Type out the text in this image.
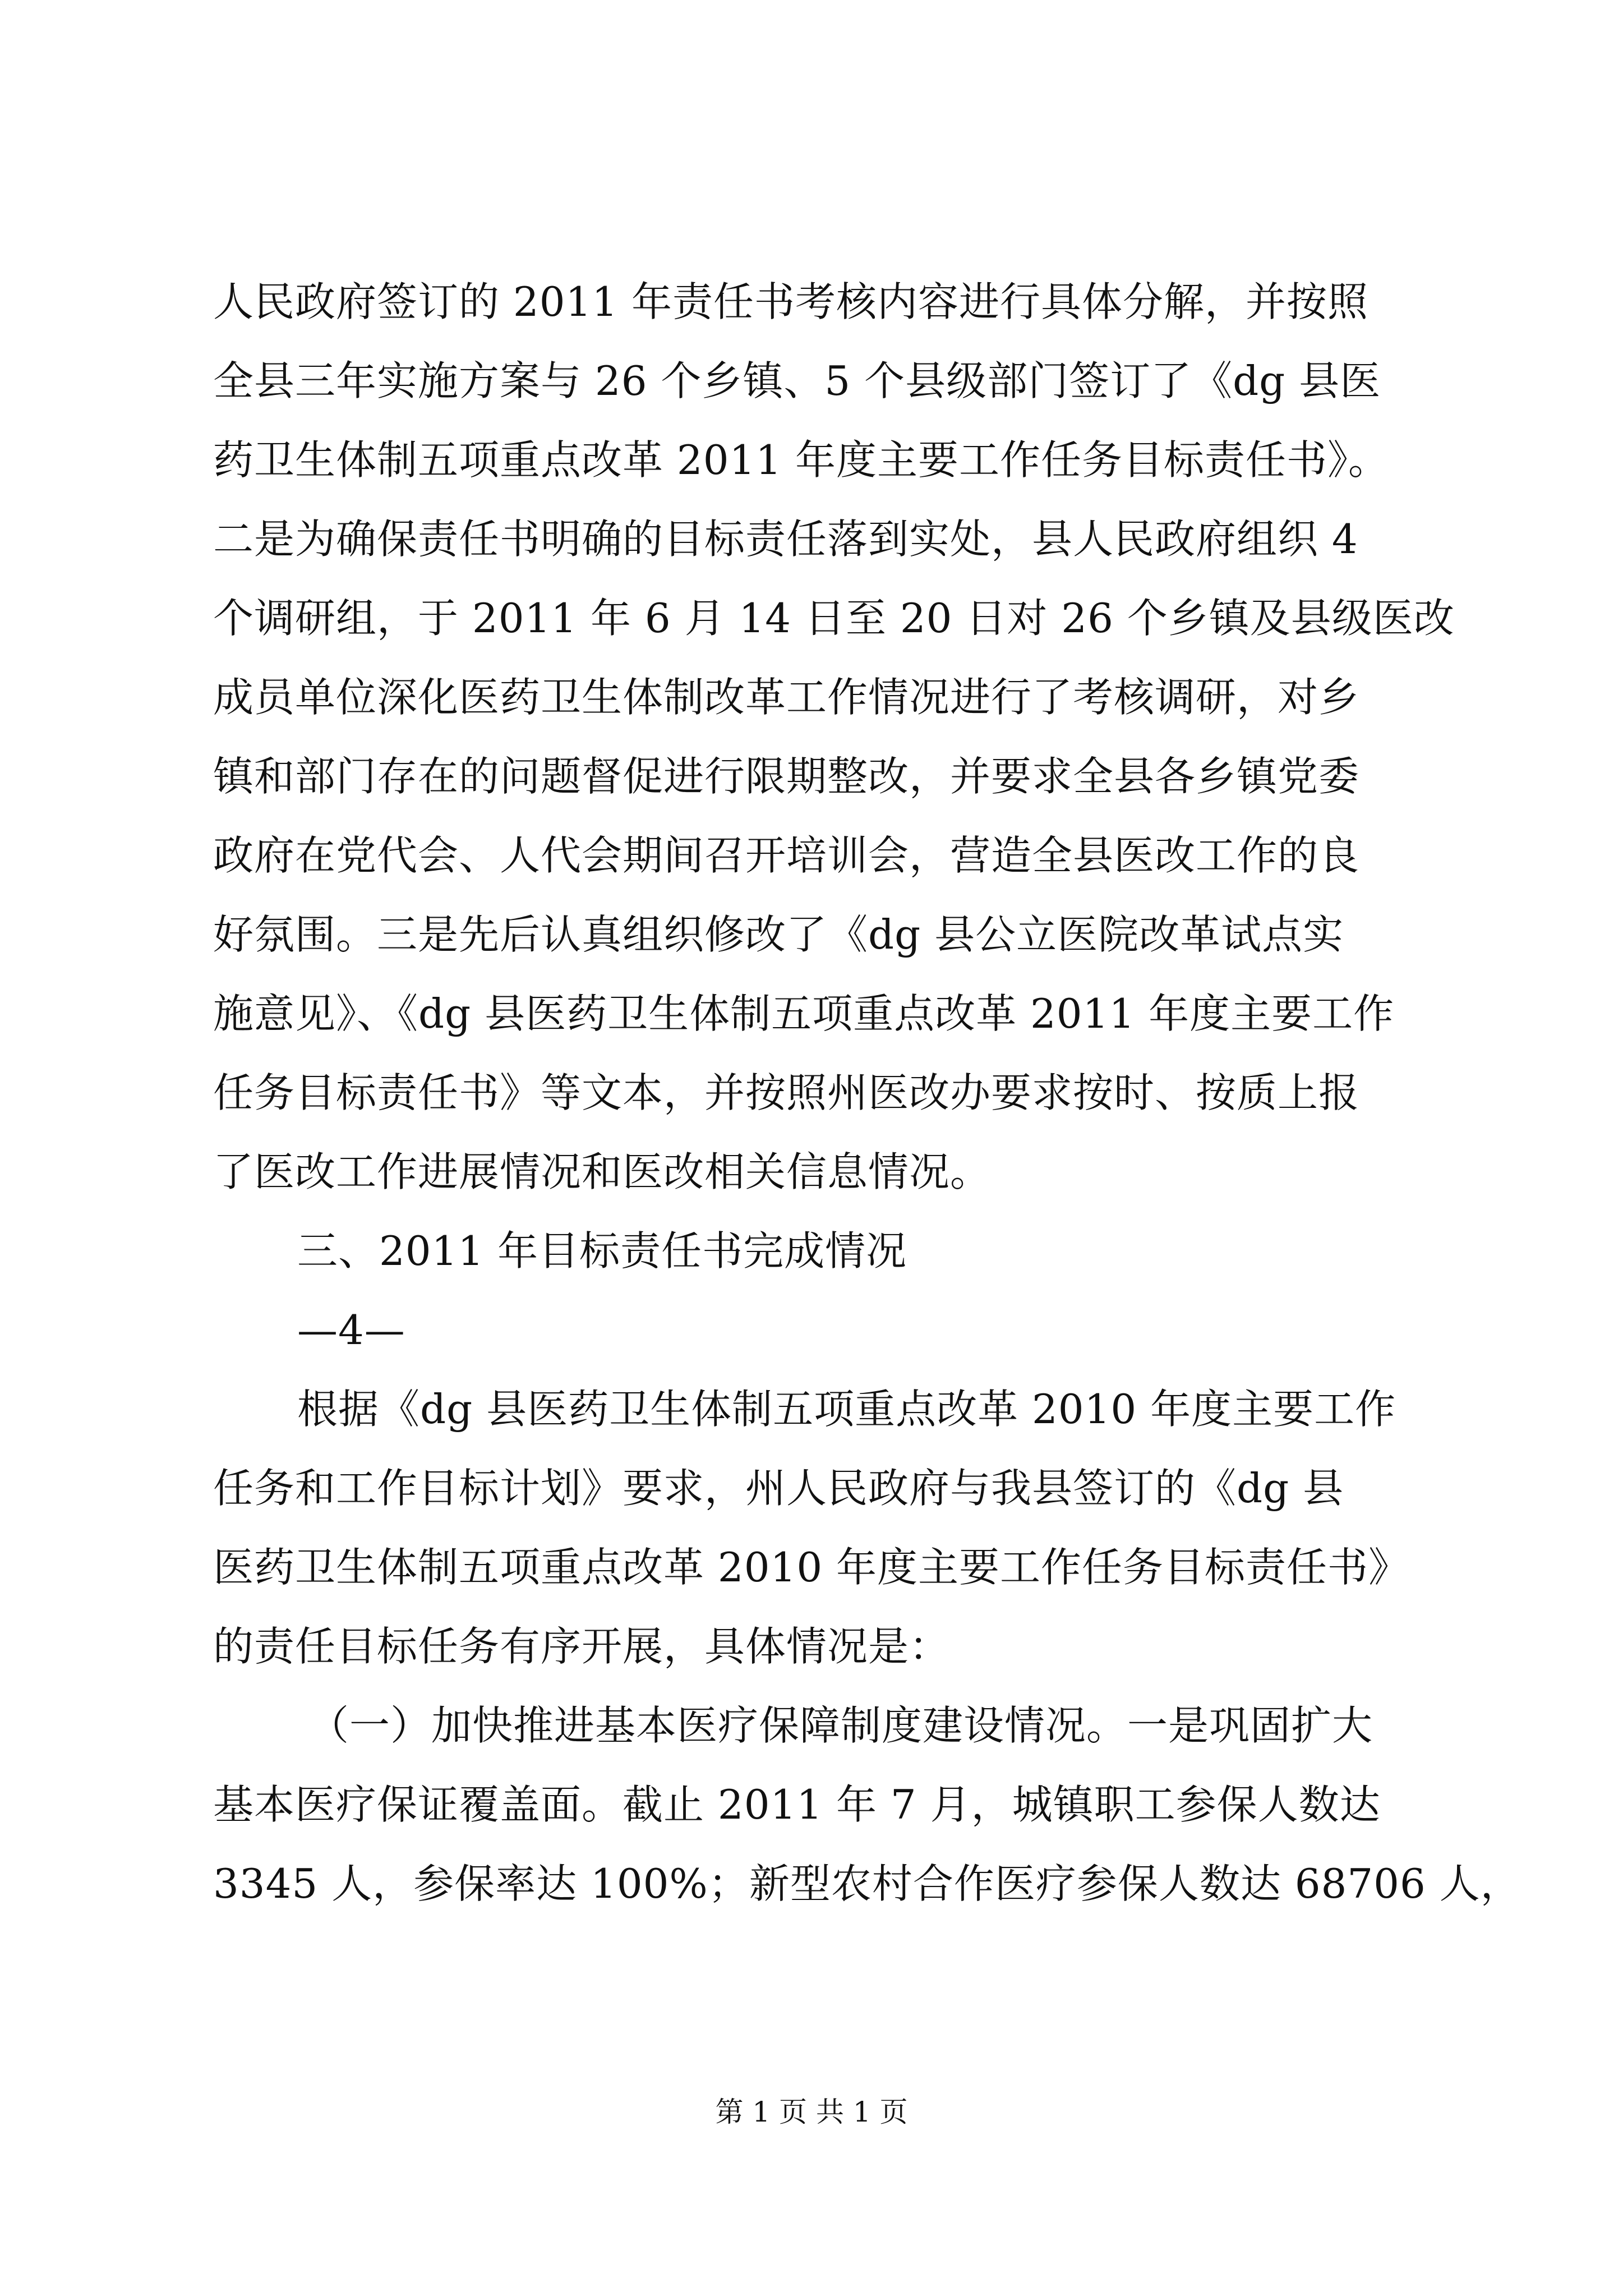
人民政府签订的 2011 年责任书考核内容进行具体分解，并按照
全县三年实施方案与 26 个乡镇、5 个县级部门签订了《dg 县医
药卫生体制五项重点改革 2011 年度主要工作任务目标责任书》。
二是为确保责任书明确的目标责任落到实处，县人民政府组织 4
个调研组，于 2011 年 6 月 14 日至 20 日对 26 个乡镇及县级医改
成员单位深化医药卫生体制改革工作情况进行了考核调研，对乡
镇和部门存在的问题督促进行限期整改，并要求全县各乡镇党委
政府在党代会、人代会期间召开培训会，营造全县医改工作的良
好氛围。三是先后认真组织修改了《dg 县公立医院改革试点实
施意见》、《dg 县医药卫生体制五项重点改革 2011 年度主要工作
任务目标责任书》等文本，并按照州医改办要求按时、按质上报
了医改工作进展情况和医改相关信息情况。
三、2011 年目标责任书完成情况
—4—
根据《dg 县医药卫生体制五项重点改革 2010 年度主要工作
任务和工作目标计划》要求，州人民政府与我县签订的《dg 县
医药卫生体制五项重点改革 2010 年度主要工作任务目标责任书》
的责任目标任务有序开展，具体情况是：
（一）加快推进基本医疗保障制度建设情况。一是巩固扩大
基本医疗保证覆盖面。截止 2011 年 7 月，城镇职工参保人数达
3345 人，参保率达 100%；新型农村合作医疗参保人数达 68706 人，
第 1 页 共 1 页
